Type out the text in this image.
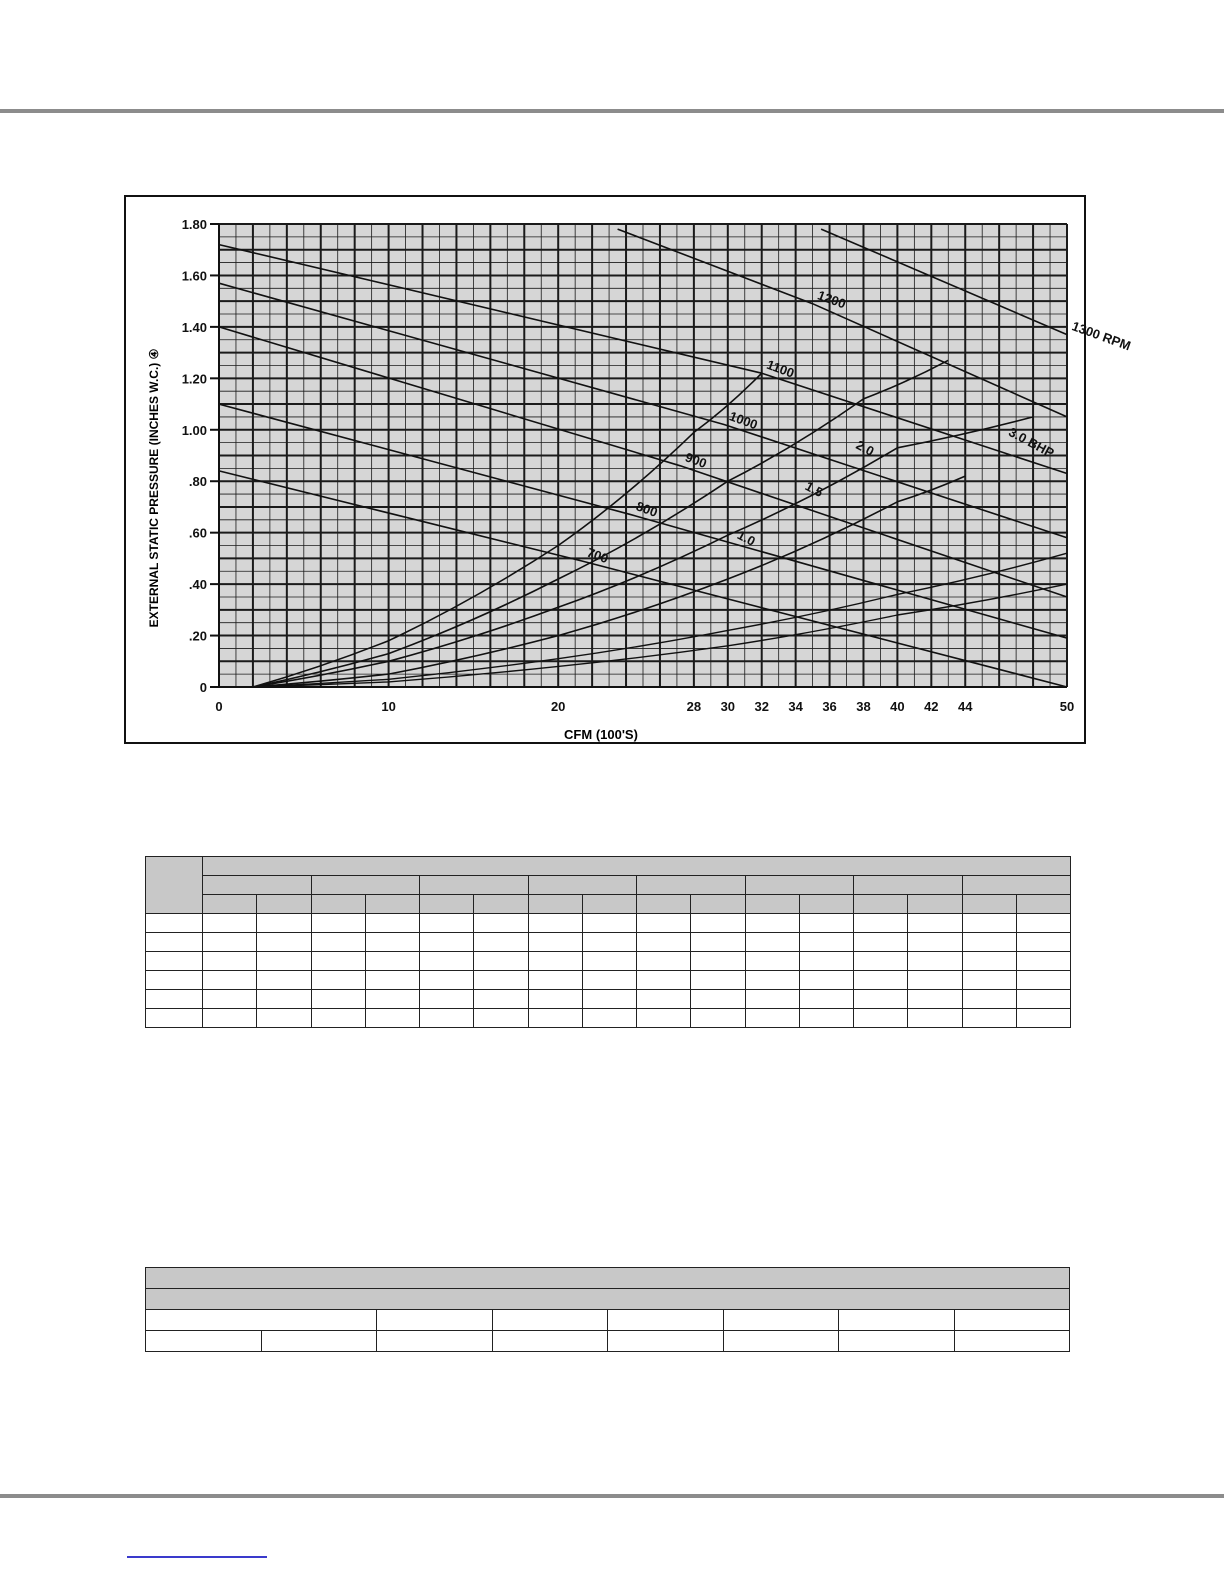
700
800
900
1000
1100
1200
1300 RPM
1.0
1.5
2.0	3.0 BHP
0	10	20	28 30 32 34 36 38 40 42 44	50
0
.20
.40
.60
.80
1.00
1.20
1.40
1.60
1.80
CFM (100'S)
EXTERNAL STATIC PRESSURE (INCHES W.C.) ④
